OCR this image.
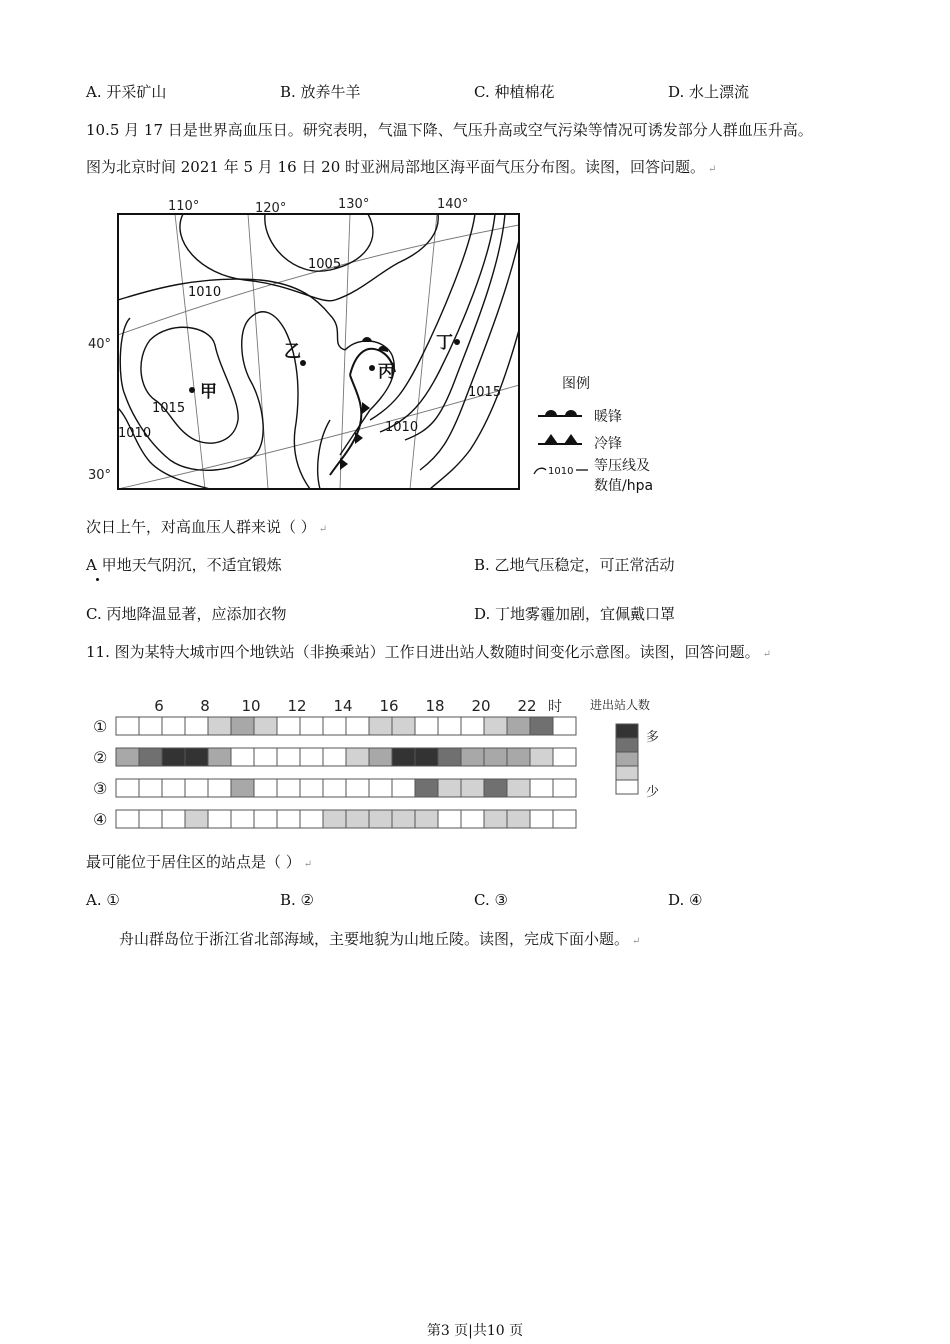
A. 开采矿山	B. 放养牛羊	C. 种植棉花	D. 水上漂流
10.5 月 17 日是世界高血压日。研究表明，气温下降、气压升高或空气污染等情况可诱发部分人群血压升高。
图为北京时间 2021 年 5 月 16 日 20 时亚洲局部地区海平面气压分布图。读图，回答问题。 ↵
110°	120°	130°	140°
40°
30°
1005
1010
1015
1015
1010
1010
甲
乙
丙
丁
图例
暖锋
冷锋
1010 等压线及
数值/hpa
次日上午，对高血压人群来说（ ） ↵
A 甲地天气阴沉，不适宜锻炼	B. 乙地气压稳定，可正常活动
C. 丙地降温显著，应添加衣物	D. 丁地雾霾加剧，宜佩戴口罩
11. 图为某特大城市四个地铁站（非换乘站）工作日进出站人数随时间变化示意图。读图，回答问题。 ↵
6 8 10 12 14 16 18 20 22 时
①
②
③
④
进出站人数
多
少
最可能位于居住区的站点是（ ） ↵
A. ①	B. ②	C. ③	D. ④
舟山群岛位于浙江省北部海域，主要地貌为山地丘陵。读图，完成下面小题。 ↵
第3 页|共10 页
